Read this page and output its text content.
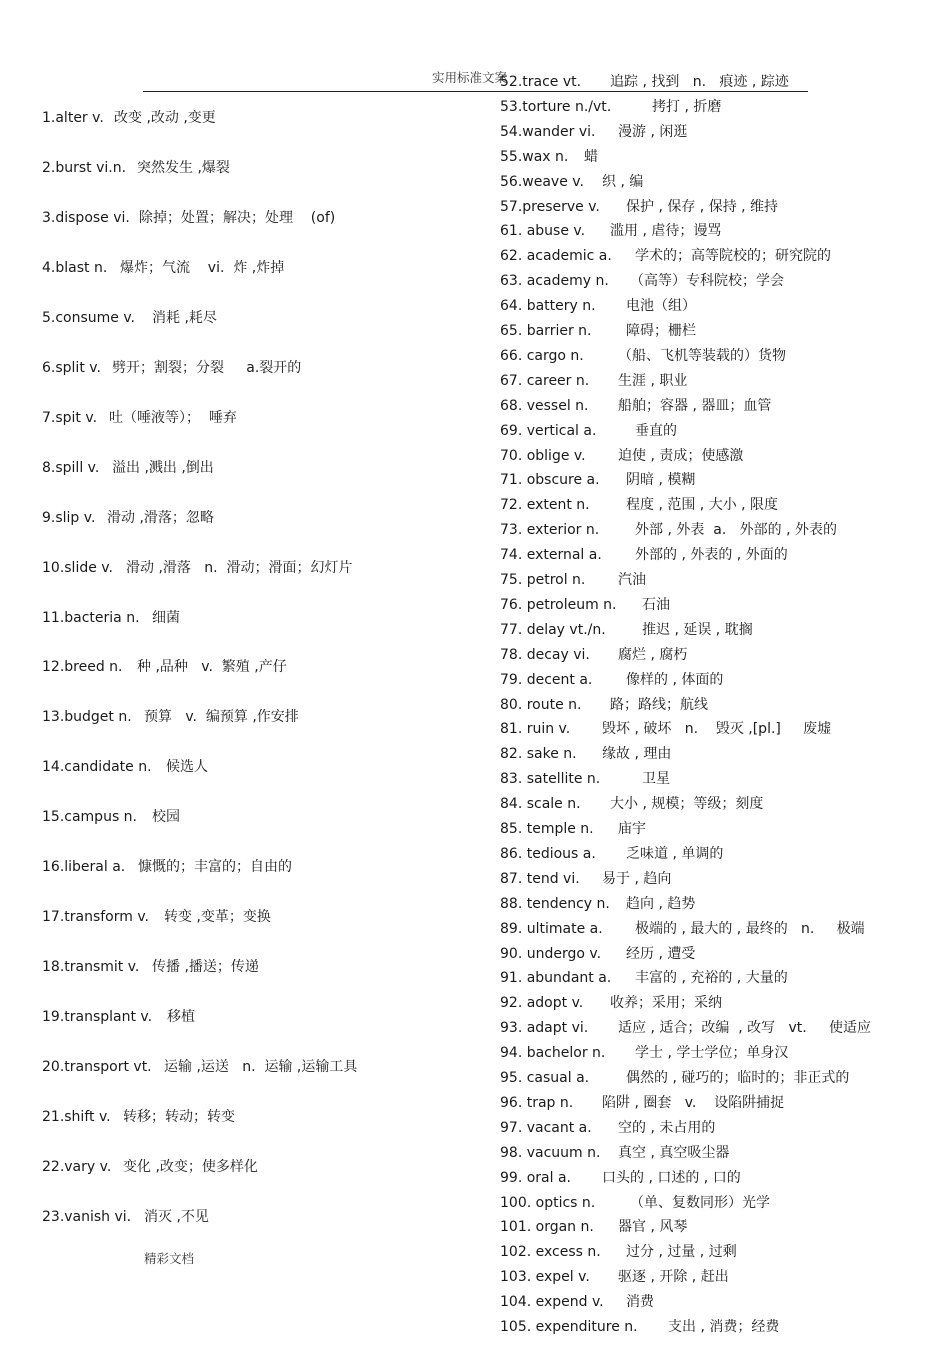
实用标准文案
精彩文档
1.alter v. 改变 ,改动 ,变更
2.burst vi.n. 突然发生 ,爆裂
3.dispose vi. 除掉；处置；解决；处理    (of)
4.blast n. 爆炸；气流    vi.  炸 ,炸掉
5.consume v. 消耗 ,耗尽
6.split v. 劈开；割裂；分裂     a.裂开的
7.spit v. 吐（唾液等）；  唾弃
8.spill v. 溢出 ,溅出 ,倒出
9.slip v. 滑动 ,滑落；忽略
10.slide v. 滑动 ,滑落   n.  滑动；滑面；幻灯片
11.bacteria n. 细菌
12.breed n. 种 ,品种   v.  繁殖 ,产仔
13.budget n. 预算   v.  编预算 ,作安排
14.candidate n. 候选人
15.campus n. 校园
16.liberal a. 慷慨的；丰富的；自由的
17.transform v. 转变 ,变革；变换
18.transmit v. 传播 ,播送；传递
19.transplant v. 移植
20.transport vt. 运输 ,运送   n.  运输 ,运输工具
21.shift v. 转移；转动；转变
22.vary v. 变化 ,改变；使多样化
23.vanish vi. 消灭 ,不见
52.trace vt. 追踪 , 找到   n.   痕迹 , 踪迹
53.torture n./vt.	拷打 , 折磨
54.wander vi. 漫游 , 闲逛
55.wax n. 蜡
56.weave v. 织 , 编
57.preserve v. 保护 , 保存 , 保持 , 维持
61. abuse v. 滥用 , 虐待；谩骂
62. academic a. 学术的；高等院校的；研究院的
63. academy n. （高等）专科院校；学会
64. battery n. 电池（组）
65. barrier n. 障碍；栅栏
66. cargo n. （船、飞机等装载的）货物
67. career n. 生涯 , 职业
68. vessel n. 船舶；容器 , 器皿；血管
69. vertical a.	垂直的
70. oblige v. 迫使 , 责成；使感激
71. obscure a. 阴暗 , 模糊
72. extent n.	程度 , 范围 , 大小 , 限度
73. exterior n.	外部 , 外表  a.   外部的 , 外表的
74. external a. 外部的 , 外表的 , 外面的
75. petrol n. 汽油
76. petroleum n. 石油
77. delay vt./n.	推迟 , 延误 , 耽搁
78. decay vi. 腐烂 , 腐朽
79. decent a. 像样的 , 体面的
80. route n. 路；路线；航线
81. ruin v. 毁坏 , 破坏   n.    毁灭 ,[pl.]     废墟
82. sake n. 缘故 , 理由
83. satellite n.	卫星
84. scale n. 大小 , 规模；等级；刻度
85. temple n. 庙宇
86. tedious a. 乏味道 , 单调的
87. tend vi. 易于 , 趋向
88. tendency n. 趋向 , 趋势
89. ultimate a. 极端的 , 最大的 , 最终的   n.     极端
90. undergo v. 经历 , 遭受
91. abundant a. 丰富的 , 充裕的 , 大量的
92. adopt v. 收养；采用；采纳
93. adapt vi. 适应 , 适合；改编  , 改写   vt.     使适应
94. bachelor n. 学士 , 学士学位；单身汉
95. casual a.	偶然的 , 碰巧的；临时的；非正式的
96. trap n. 陷阱 , 圈套   v.    设陷阱捕捉
97. vacant a. 空的 , 未占用的
98. vacuum n. 真空 , 真空吸尘器
99. oral a. 口头的 , 口述的 , 口的
100. optics n. （单、复数同形）光学
101. organ n. 器官 , 风琴
102. excess n. 过分 , 过量 , 过剩
103. expel v. 驱逐 , 开除 , 赶出
104. expend v. 消费
105. expenditure n. 支出 , 消费；经费
